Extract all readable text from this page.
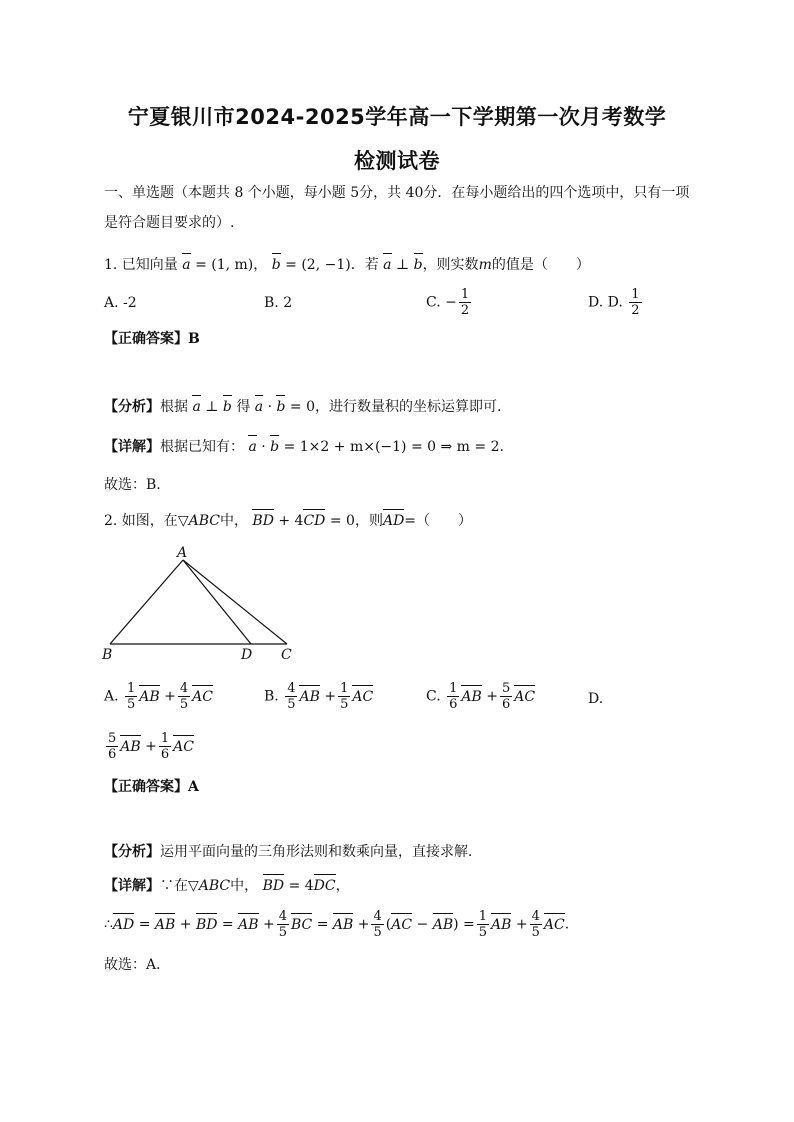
宁夏银川市2024-2025学年高一下学期第一次月考数学
检测试卷
一、单选题（本题共 8 个小题，每小题 5分，共 40分．在每小题给出的四个选项中，只有一项
是符合题目要求的）.
1. 已知向量 a = (1, m)， b = (2, −1)．若 a ⊥ b，则实数m的值是（　　）
A. -2	B. 2	C. − $\frac{1}{2}$	D. D. $\frac{1}{2}$
【正确答案】B
【分析】根据 a ⊥ b 得 a · b = 0，进行数量积的坐标运算即可.
【详解】根据已知有： a · b = 1×2 + m×(−1) = 0 ⇒ m = 2.
故选：B.
2. 如图，在▽ABC中， BD + 4CD = 0，则AD=（　　）
A
B	D C
A. $\frac{1}{5}$ AB + $\frac{4}{5}$ AC	B. $\frac{4}{5}$ AB + $\frac{1}{5}$ AC	C. $\frac{1}{6}$ AB + $\frac{5}{6}$ AC	D.
$\frac{5}{6}$ AB + $\frac{1}{6}$ AC
【正确答案】A
【分析】运用平面向量的三角形法则和数乘向量，直接求解．
【详解】∵在▽ABC中， BD = 4DC，
∴AD = AB + BD = AB + $\frac{4}{5}$ BC = AB + $\frac{4}{5} (AC - AB) = \frac{1}{5}$ AB + $\frac{4}{5}$ AC.
故选：A．
